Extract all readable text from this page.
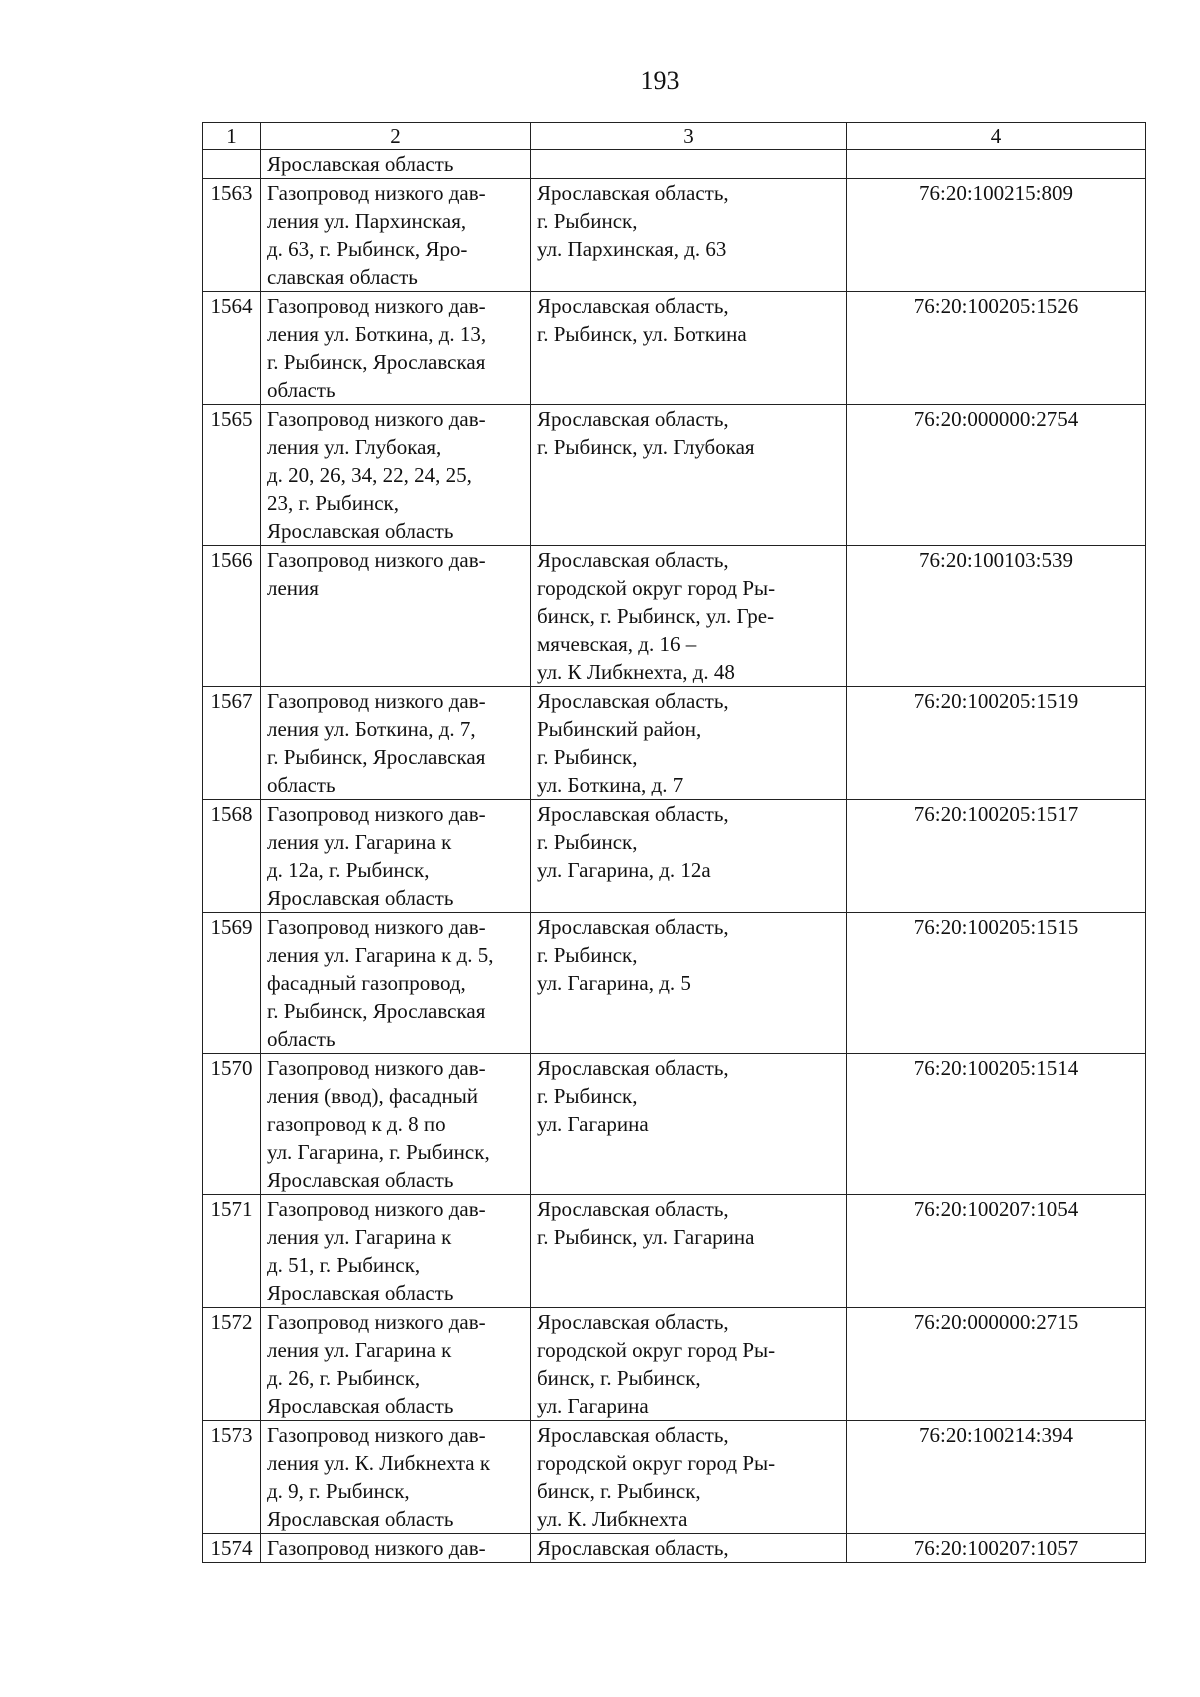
193
1	2	3	4
	Ярославская область		
1563	Газопровод низкого дав-
ления ул. Пархинская,
д. 63, г. Рыбинск, Яро-
славская область	Ярославская область,
г. Рыбинск,
ул. Пархинская, д. 63	76:20:100215:809
1564	Газопровод низкого дав-
ления ул. Боткина, д. 13,
г. Рыбинск, Ярославская
область	Ярославская область,
г. Рыбинск, ул. Боткина	76:20:100205:1526
1565	Газопровод низкого дав-
ления ул. Глубокая,
д. 20, 26, 34, 22, 24, 25,
23, г. Рыбинск,
Ярославская область	Ярославская область,
г. Рыбинск, ул. Глубокая	76:20:000000:2754
1566	Газопровод низкого дав-
ления	Ярославская область,
городской округ город Ры-
бинск, г. Рыбинск, ул. Гре-
мячевская, д. 16 –
ул. К Либкнехта, д. 48	76:20:100103:539
1567	Газопровод низкого дав-
ления ул. Боткина, д. 7,
г. Рыбинск, Ярославская
область	Ярославская область,
Рыбинский район,
г. Рыбинск,
ул. Боткина, д. 7	76:20:100205:1519
1568	Газопровод низкого дав-
ления ул. Гагарина к
д. 12а, г. Рыбинск,
Ярославская область	Ярославская область,
г. Рыбинск,
ул. Гагарина, д. 12а	76:20:100205:1517
1569	Газопровод низкого дав-
ления ул. Гагарина к д. 5,
фасадный газопровод,
г. Рыбинск, Ярославская
область	Ярославская область,
г. Рыбинск,
ул. Гагарина, д. 5	76:20:100205:1515
1570	Газопровод низкого дав-
ления (ввод), фасадный
газопровод к д. 8 по
ул. Гагарина, г. Рыбинск,
Ярославская область	Ярославская область,
г. Рыбинск,
ул. Гагарина	76:20:100205:1514
1571	Газопровод низкого дав-
ления ул. Гагарина к
д. 51, г. Рыбинск,
Ярославская область	Ярославская область,
г. Рыбинск, ул. Гагарина	76:20:100207:1054
1572	Газопровод низкого дав-
ления ул. Гагарина к
д. 26, г. Рыбинск,
Ярославская область	Ярославская область,
городской округ город Ры-
бинск, г. Рыбинск,
ул. Гагарина	76:20:000000:2715
1573	Газопровод низкого дав-
ления ул. К. Либкнехта к
д. 9, г. Рыбинск,
Ярославская область	Ярославская область,
городской округ город Ры-
бинск, г. Рыбинск,
ул. К. Либкнехта	76:20:100214:394
1574	Газопровод низкого дав-	Ярославская область,	76:20:100207:1057
